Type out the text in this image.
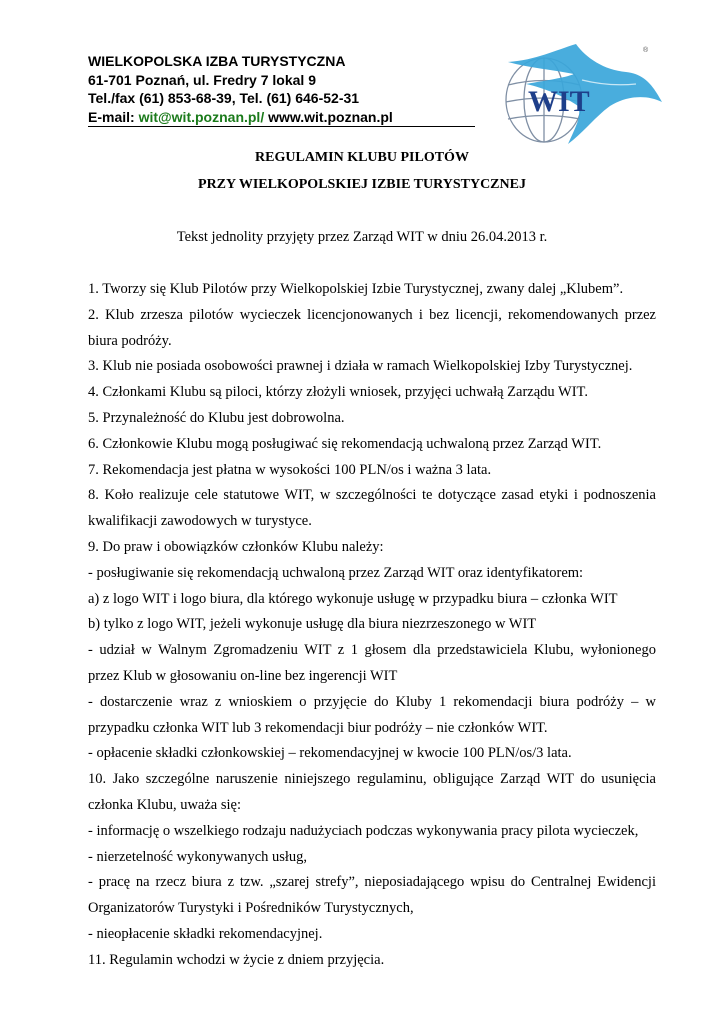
WIELKOPOLSKA IZBA TURYSTYCZNA
61-701 Poznań, ul. Fredry 7 lokal 9
Tel./fax (61) 853-68-39, Tel. (61) 646-52-31
E-mail: wit@wit.poznan.pl/ www.wit.poznan.pl	WIT
®
REGULAMIN KLUBU PILOTÓW
PRZY WIELKOPOLSKIEJ IZBIE TURYSTYCZNEJ
Tekst jednolity przyjęty przez Zarząd WIT w dniu 26.04.2013 r.

1. Tworzy się Klub Pilotów przy Wielkopolskiej Izbie Turystycznej, zwany dalej „Klubem”.

2. Klub zrzesza pilotów wycieczek licencjonowanych i bez licencji, rekomendowanych przez biura podróży.

3. Klub nie posiada osobowości prawnej i działa w ramach Wielkopolskiej Izby Turystycznej.

4. Członkami Klubu są piloci, którzy złożyli wniosek, przyjęci uchwałą Zarządu WIT.

5. Przynależność do Klubu jest dobrowolna.

6. Członkowie Klubu mogą posługiwać się rekomendacją uchwaloną przez Zarząd WIT.

7. Rekomendacja jest płatna w wysokości 100 PLN/os i ważna 3 lata.

8. Koło realizuje cele statutowe WIT, w szczególności te dotyczące zasad etyki i podnoszenia kwalifikacji zawodowych w turystyce.

9. Do praw i obowiązków członków Klubu należy:

- posługiwanie się rekomendacją uchwaloną przez Zarząd WIT oraz identyfikatorem:

a) z logo WIT i logo biura, dla którego wykonuje usługę w przypadku biura – członka WIT

b) tylko z logo WIT, jeżeli wykonuje usługę dla biura niezrzeszonego w WIT

- udział w Walnym Zgromadzeniu WIT z 1 głosem dla przedstawiciela Klubu, wyłonionego przez Klub w głosowaniu on-line bez ingerencji WIT

- dostarczenie wraz z wnioskiem o przyjęcie do Kluby 1 rekomendacji biura podróży – w przypadku członka WIT lub 3 rekomendacji biur podróży – nie członków WIT.

- opłacenie składki członkowskiej – rekomendacyjnej w kwocie 100 PLN/os/3 lata.

10. Jako szczególne naruszenie niniejszego regulaminu, obligujące Zarząd WIT do usunięcia członka Klubu, uważa się:

- informację o wszelkiego rodzaju nadużyciach podczas wykonywania pracy pilota wycieczek,

- nierzetelność wykonywanych usług,

- pracę na rzecz biura z tzw. „szarej strefy”, nieposiadającego wpisu do Centralnej Ewidencji Organizatorów Turystyki i Pośredników Turystycznych,

- nieopłacenie składki rekomendacyjnej.

11. Regulamin wchodzi w życie z dniem przyjęcia.
